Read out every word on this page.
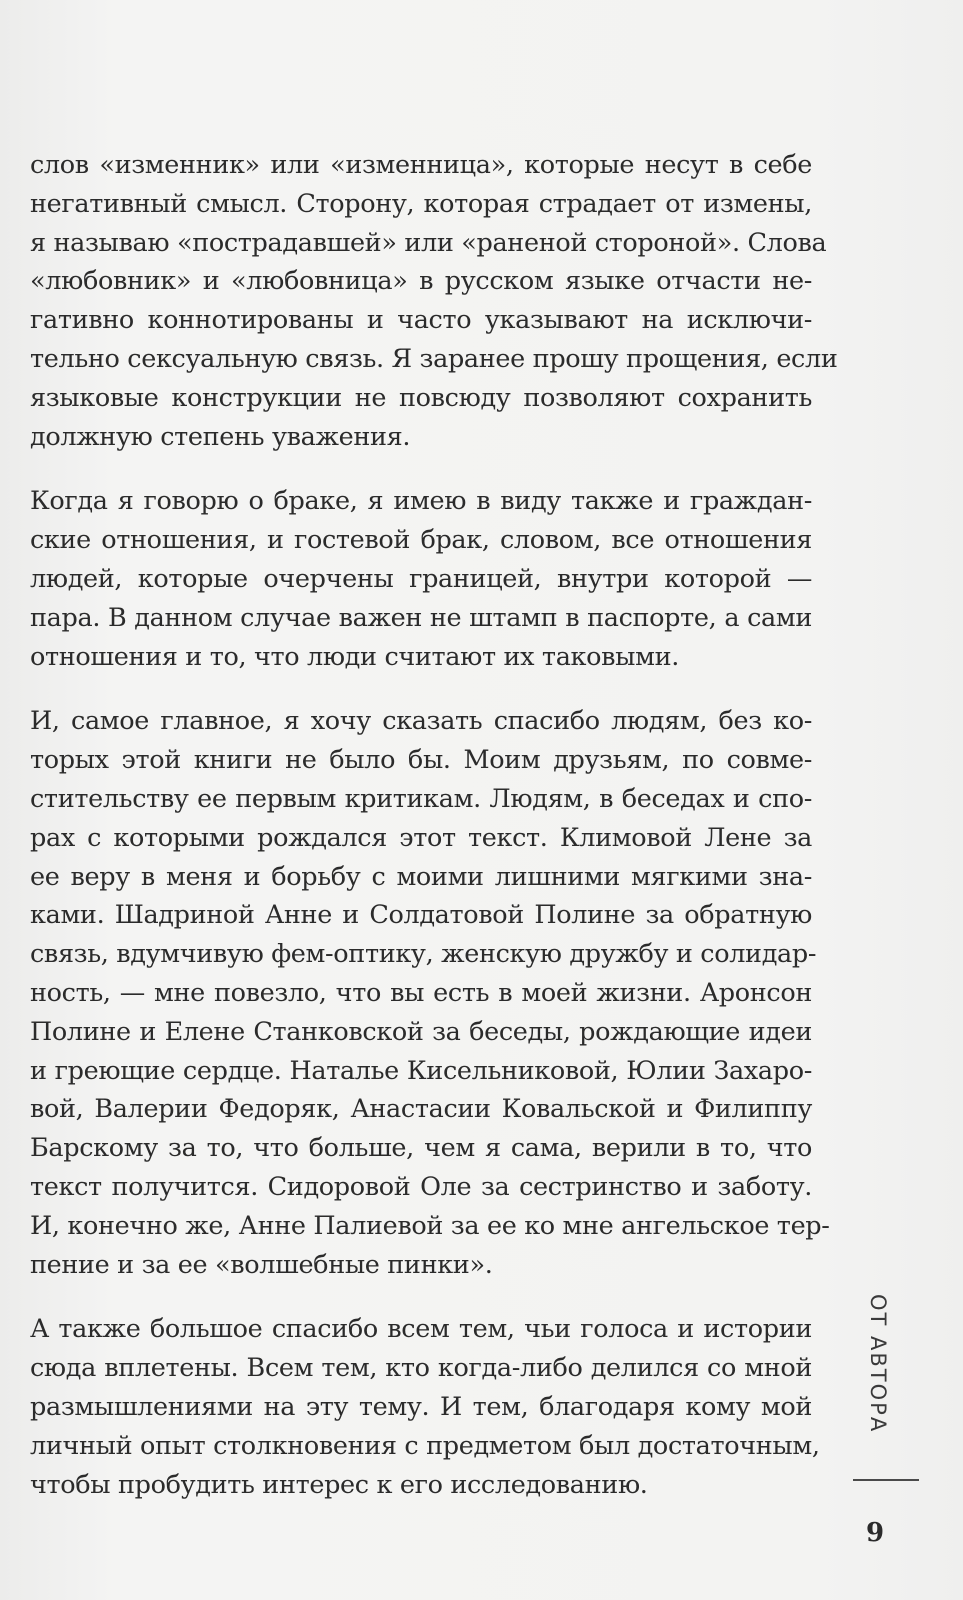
слов «изменник» или «изменница», которые несут в себе
негативный смысл. Сторону, которая страдает от измены,
я называю «пострадавшей» или «раненой стороной». Слова
«любовник» и «любовница» в русском языке отчасти не-
гативно коннотированы и часто указывают на исключи-
тельно сексуальную связь. Я заранее прошу прощения, если
языковые конструкции не повсюду позволяют сохранить
должную степень уважения.

Когда я говорю о браке, я имею в виду также и граждан-
ские отношения, и гостевой брак, словом, все отношения
людей, которые очерчены границей, внутри которой —
пара. В данном случае важен не штамп в паспорте, а сами
отношения и то, что люди считают их таковыми.

И, самое главное, я хочу сказать спасибо людям, без ко-
торых этой книги не было бы. Моим друзьям, по совме-
стительству ее первым критикам. Людям, в беседах и спо-
рах с которыми рождался этот текст. Климовой Лене за
ее веру в меня и борьбу с моими лишними мягкими зна-
ками. Шадриной Анне и Солдатовой Полине за обратную
связь, вдумчивую фем-оптику, женскую дружбу и солидар-
ность, — мне повезло, что вы есть в моей жизни. Аронсон
Полине и Елене Станковской за беседы, рождающие идеи
и греющие сердце. Наталье Кисельниковой, Юлии Захаро-
вой, Валерии Федоряк, Анастасии Ковальской и Филиппу
Барскому за то, что больше, чем я сама, верили в то, что
текст получится. Сидоровой Оле за сестринство и заботу.
И, конечно же, Анне Палиевой за ее ко мне ангельское тер-
пение и за ее «волшебные пинки».

А также большое спасибо всем тем, чьи голоса и истории
сюда вплетены. Всем тем, кто когда-либо делился со мной
размышлениями на эту тему. И тем, благодаря кому мой
личный опыт столкновения с предметом был достаточным,
чтобы пробудить интерес к его исследованию.

ОТ АВТОРА
9
